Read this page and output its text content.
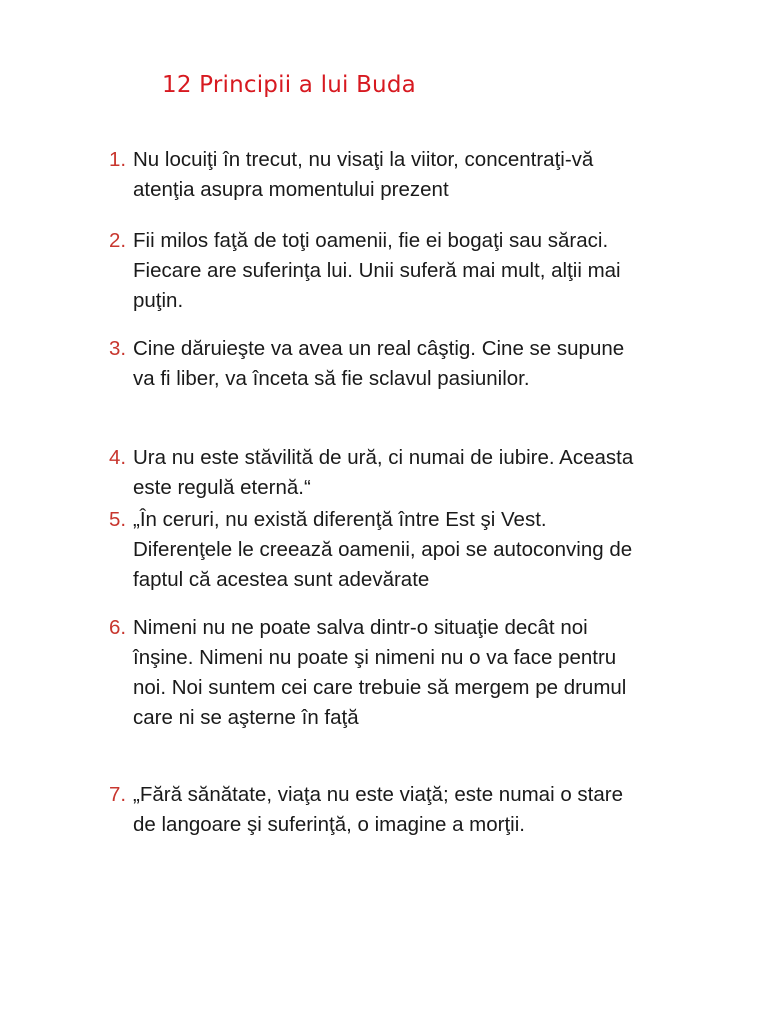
12 Principii a lui Buda
1. Nu locuiţi în trecut, nu visaţi la viitor, concentraţi-vă
atenţia asupra momentului prezent
2. Fii milos faţă de toţi oamenii, fie ei bogaţi sau săraci.
Fiecare are suferinţa lui. Unii suferă mai mult, alţii mai
puţin.
3. Cine dăruieşte va avea un real câştig. Cine se supune
va fi liber, va înceta să fie sclavul pasiunilor.
4. Ura nu este stăvilită de ură, ci numai de iubire. Aceasta
este regulă eternă.“
5. „În ceruri, nu există diferenţă între Est şi Vest.
Diferenţele le creează oamenii, apoi se autoconving de
faptul că acestea sunt adevărate
6. Nimeni nu ne poate salva dintr-o situaţie decât noi
înşine. Nimeni nu poate şi nimeni nu o va face pentru
noi. Noi suntem cei care trebuie să mergem pe drumul
care ni se aşterne în faţă
7. „Fără sănătate, viaţa nu este viaţă; este numai o stare
de langoare şi suferinţă, o imagine a morţii.
